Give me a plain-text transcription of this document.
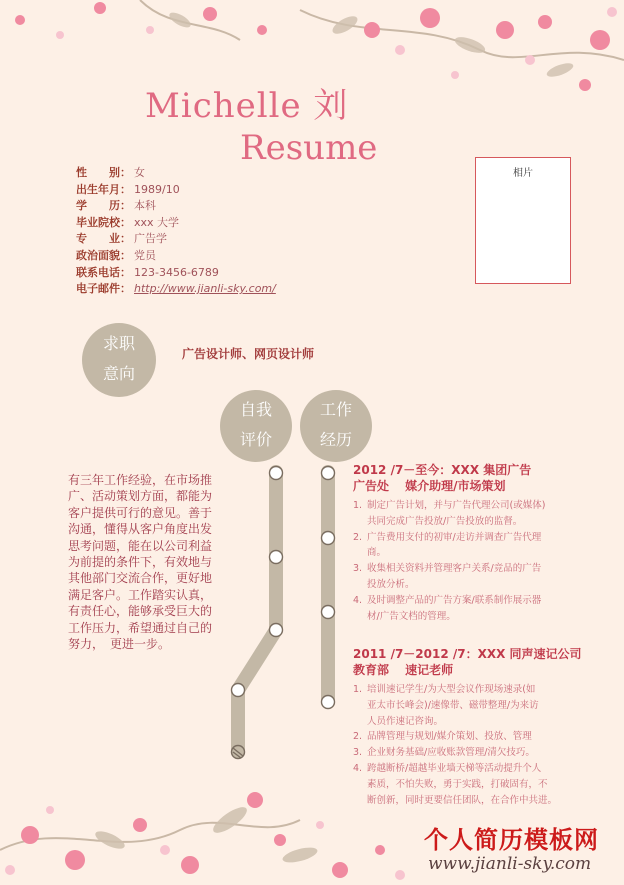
Michelle 刘
Resume
性　　别： 女
出生年月： 1989/10
学　　历： 本科
毕业院校： xxx 大学
专　　业： 广告学
政治面貌： 党员
联系电话： 123-3456-6789
电子邮件： http://www.jianli-sky.com/
相片
求职
意向
广告设计师、网页设计师
自我
评价
工作
经历
有三年工作经验，在市场推
广、活动策划方面，都能为
客户提供可行的意见。善于
沟通，懂得从客户角度出发
思考问题，能在以公司利益
为前提的条件下，有效地与
其他部门交流合作，更好地
满足客户。工作踏实认真，
有责任心，能够承受巨大的
工作压力，希望通过自己的
努力，　更进一步。
2012 /7－至今：XXX 集团广告
广告处　 媒介助理/市场策划
1. 制定广告计划，并与广告代理公司(或媒体)
共同完成广告投放/广告投放的监督。
2. 广告费用支付的初审/走访并调查广告代理
商。
3. 收集相关资料并管理客户关系/竞品的广告
投放分析。
4. 及时调整产品的广告方案/联系制作展示器
材/广告文档的管理。
2011 /7－2012 /7：XXX 同声速记公司
教育部　 速记老师
1. 培训速记学生/为大型会议作现场速录(如
亚太市长峰会)/速像带、磁带整理/为来访
人员作速记咨询。
2. 品牌管理与规划/媒介策划、投放、管理
3. 企业财务基础/应收账款管理/清欠技巧。
4. 跨越断桥/超越毕业墙天梯等活动提升个人
素质，不怕失败，勇于实践，打破固有，不
断创新，同时更要信任团队，在合作中共进。
个人简历模板网
www.jianli-sky.com
